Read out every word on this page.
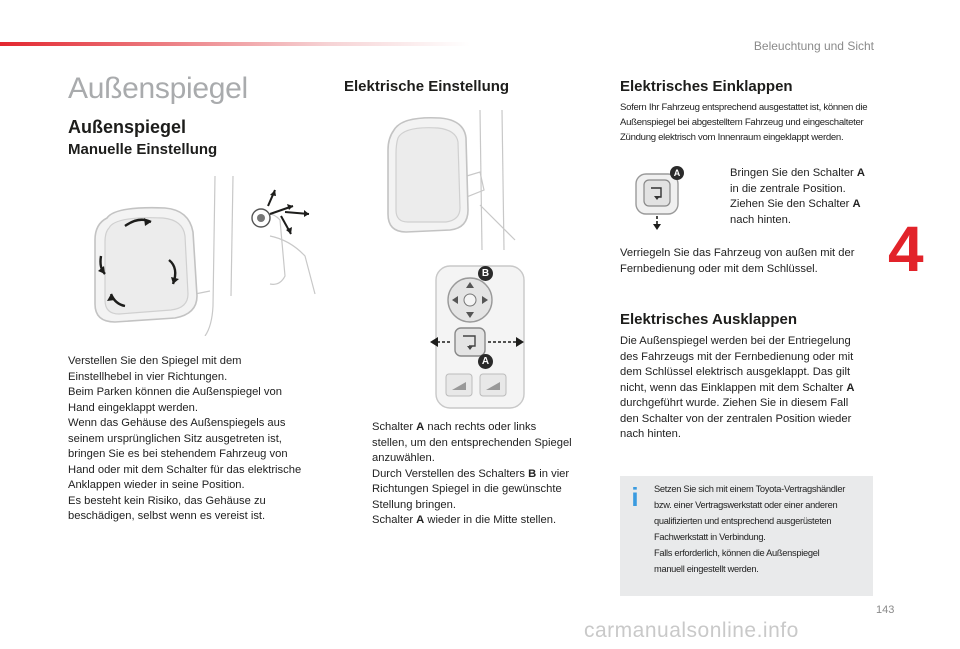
Beleuchtung und Sicht
Außenspiegel
Außenspiegel
Manuelle Einstellung
Verstellen Sie den Spiegel mit dem
Einstellhebel in vier Richtungen.
Beim Parken können die Außenspiegel von
Hand eingeklappt werden.
Wenn das Gehäuse des Außenspiegels aus
seinem ursprünglichen Sitz ausgetreten ist,
bringen Sie es bei stehendem Fahrzeug von
Hand oder mit dem Schalter für das elektrische
Anklappen wieder in seine Position.
Es besteht kein Risiko, das Gehäuse zu
beschädigen, selbst wenn es vereist ist.
Elektrische Einstellung
B
A
Schalter A nach rechts oder links
stellen, um den entsprechenden Spiegel
anzuwählen.
Durch Verstellen des Schalters B in vier
Richtungen Spiegel in die gewünschte
Stellung bringen.
Schalter A wieder in die Mitte stellen.
Elektrisches Einklappen
Sofern Ihr Fahrzeug entsprechend ausgestattet ist, können die
Außenspiegel bei abgestelltem Fahrzeug und eingeschalteter
Zündung elektrisch vom Innenraum eingeklappt werden.
A	Bringen Sie den Schalter A
in die zentrale Position.
Ziehen Sie den Schalter A
nach hinten.
Verriegeln Sie das Fahrzeug von außen mit der
Fernbedienung oder mit dem Schlüssel.
Elektrisches Ausklappen
Die Außenspiegel werden bei der Entriegelung
des Fahrzeugs mit der Fernbedienung oder mit
dem Schlüssel elektrisch ausgeklappt. Das gilt
nicht, wenn das Einklappen mit dem Schalter A
durchgeführt wurde. Ziehen Sie in diesem Fall
den Schalter von der zentralen Position wieder
nach hinten.
i	Setzen Sie sich mit einem Toyota-Vertragshändler
bzw. einer Vertragswerkstatt oder einer anderen
qualifizierten und entsprechend ausgerüsteten
Fachwerkstatt in Verbindung.
Falls erforderlich, können die Außenspiegel
manuell eingestellt werden.
4
143
carmanualsonline.info
